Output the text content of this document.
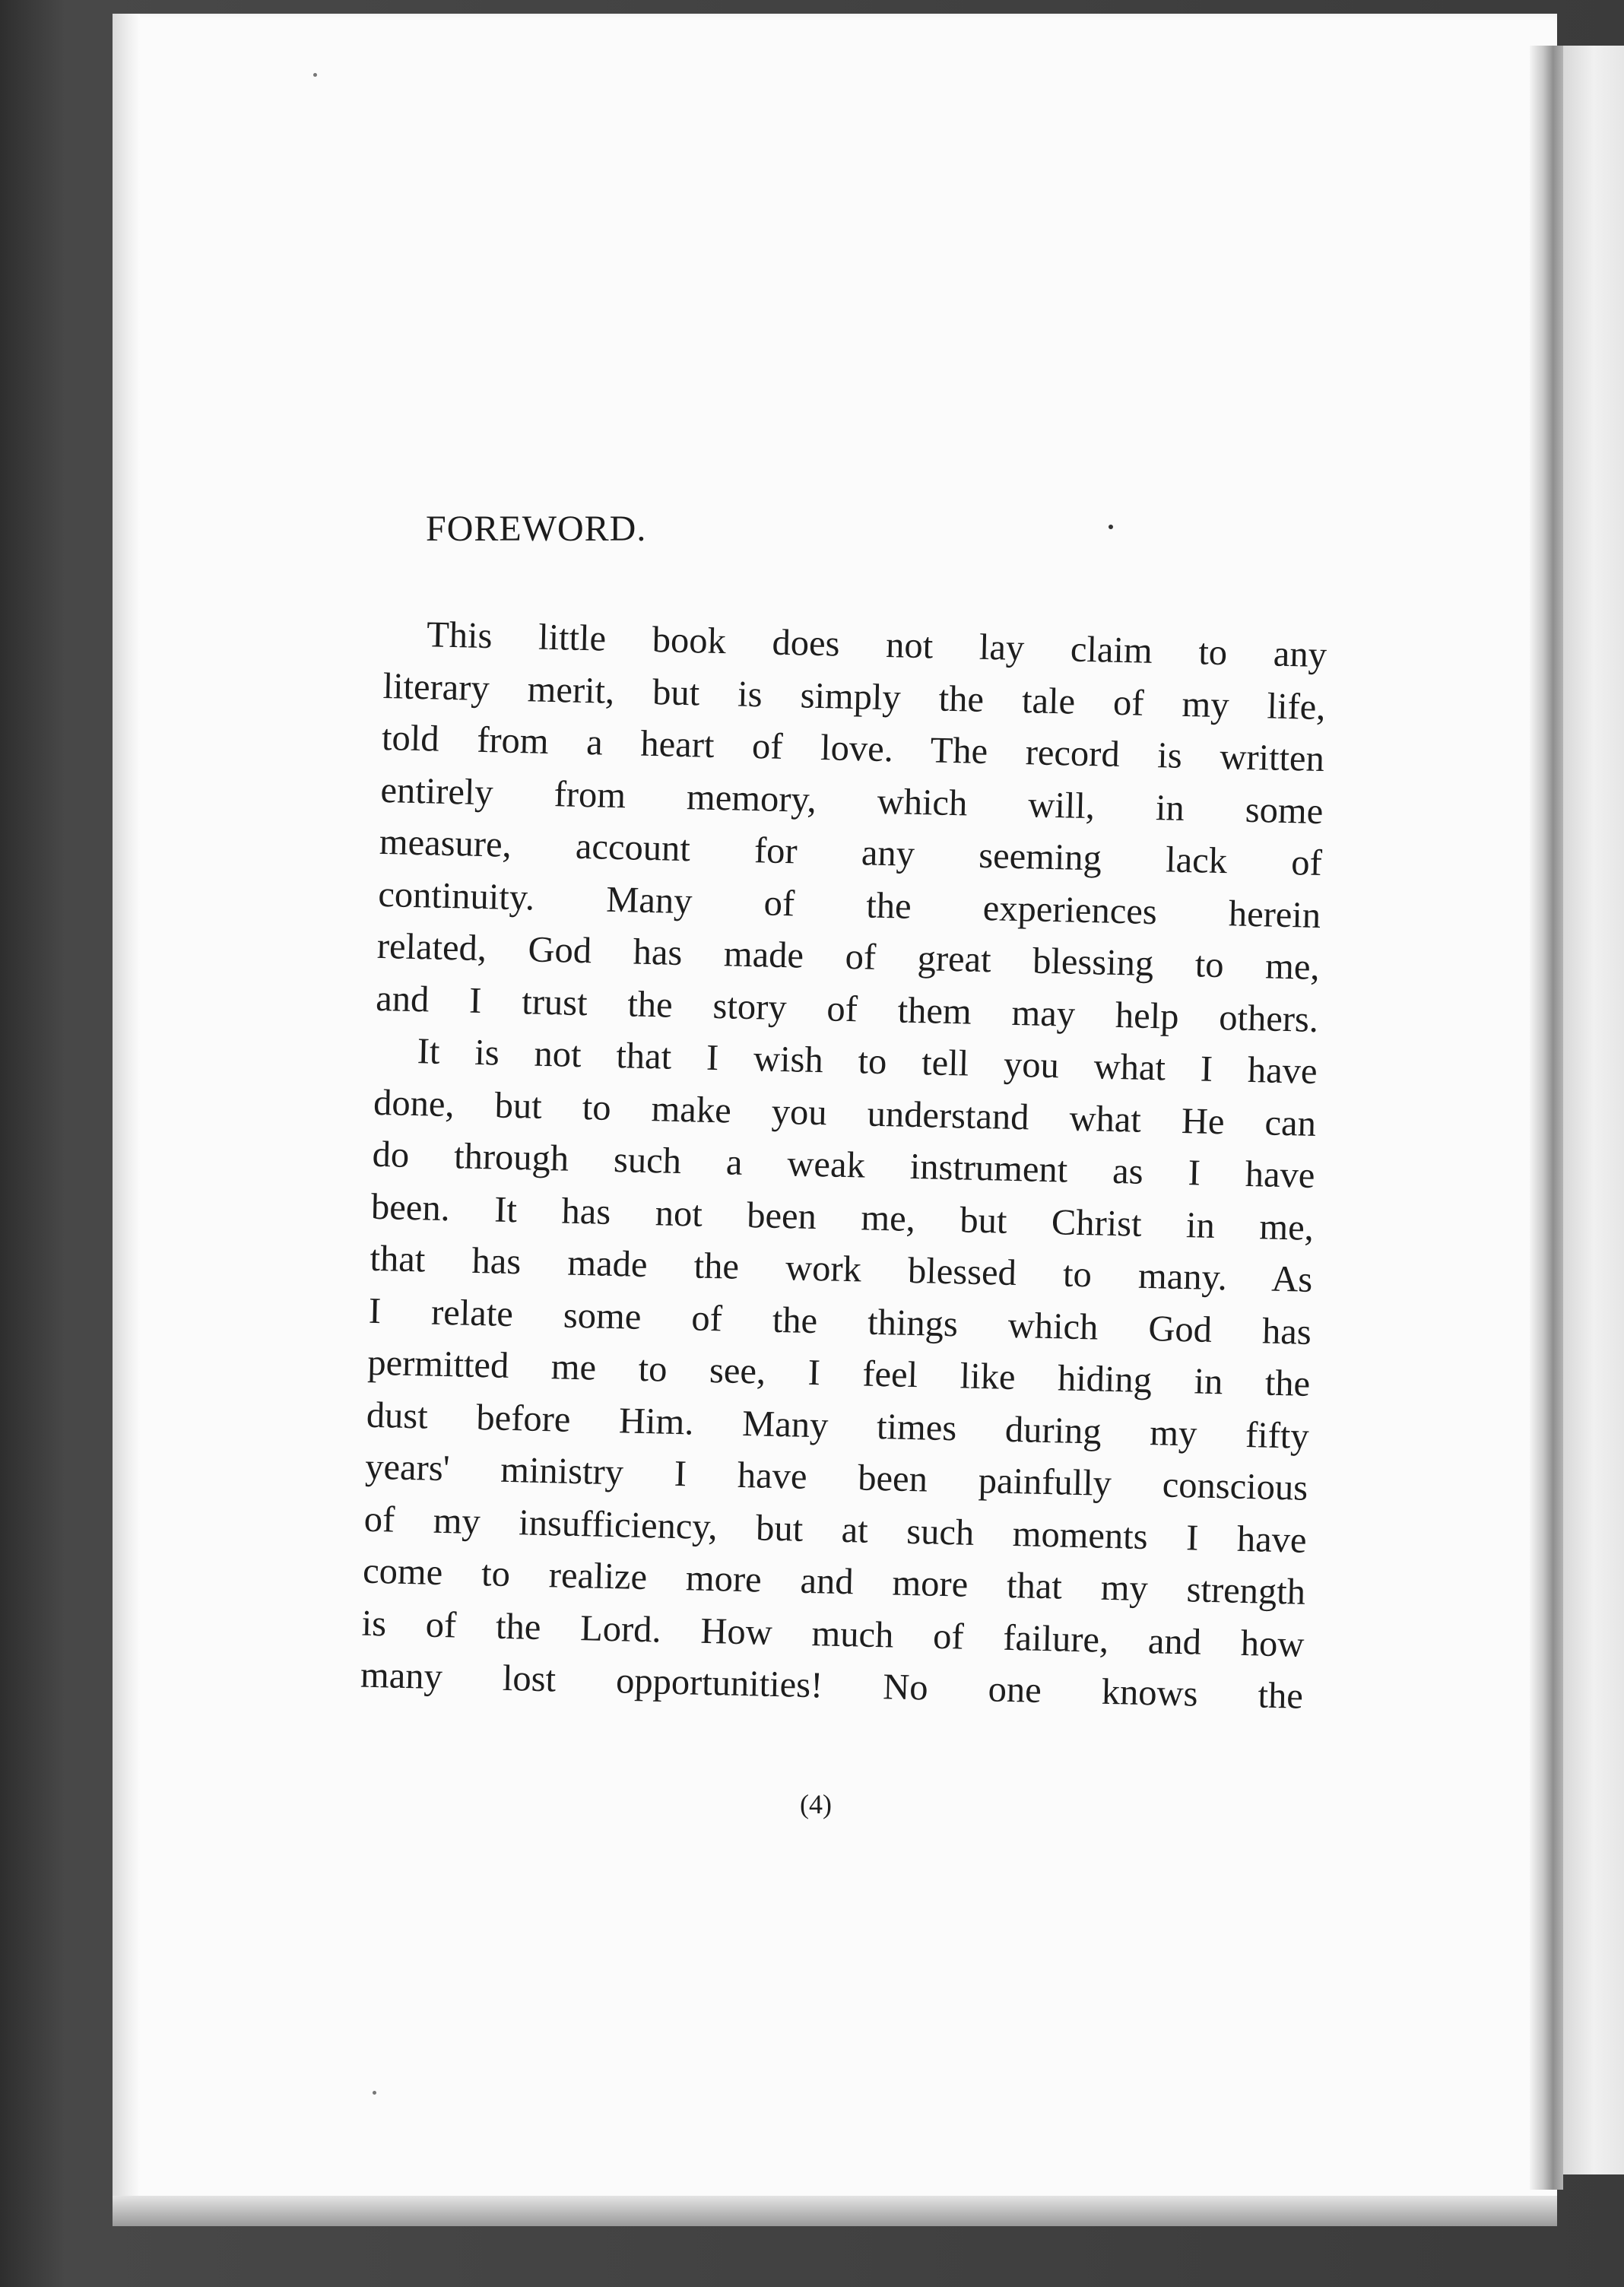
FOREWORD.
This little book does not lay claim to any
literary merit, but is simply the tale of my life,
told from a heart of love. The record is written
entirely from memory, which will, in some
measure, account for any seeming lack of
continuity. Many of the experiences herein
related, God has made of great blessing to me,
and I trust the story of them may help others.
It is not that I wish to tell you what I have
done, but to make you understand what He can
do through such a weak instrument as I have
been. It has not been me, but Christ in me,
that has made the work blessed to many. As
I relate some of the things which God has
permitted me to see, I feel like hiding in the
dust before Him. Many times during my fifty
years' ministry I have been painfully conscious
of my insufficiency, but at such moments I have
come to realize more and more that my strength
is of the Lord. How much of failure, and how
many lost opportunities! No one knows the

(4)
